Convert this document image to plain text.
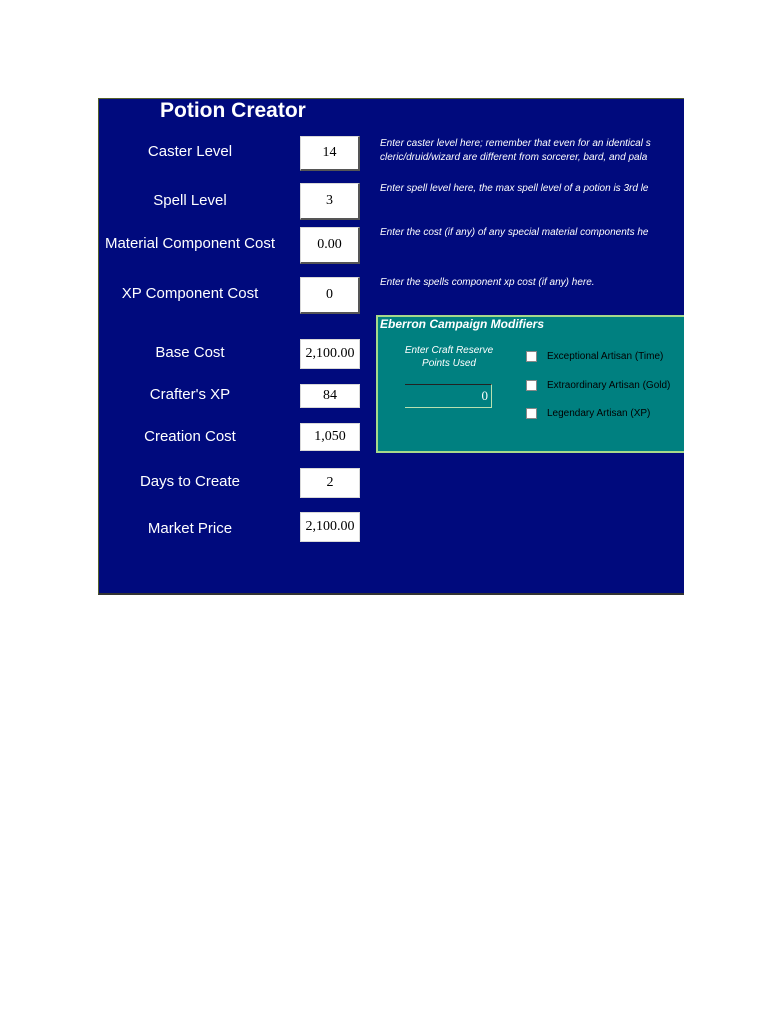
Potion Creator
Caster Level	14
Spell Level	3
Material Component Cost	0.00
XP Component Cost	0
Base Cost	2,100.00
Crafter's XP	84
Creation Cost	1,050
Days to Create	2
Market Price	2,100.00
Enter caster level here; remember that even for an identical s
cleric/druid/wizard are different from sorcerer, bard, and pala
Enter spell level here, the max spell level of a potion is 3rd le
Enter the cost (if any) of any special material components he
Enter the spells component xp cost (if any) here.
Eberron Campaign Modifiers
Enter Craft Reserve Points Used
0
Exceptional Artisan (Time)
Extraordinary Artisan (Gold)
Legendary Artisan (XP)
